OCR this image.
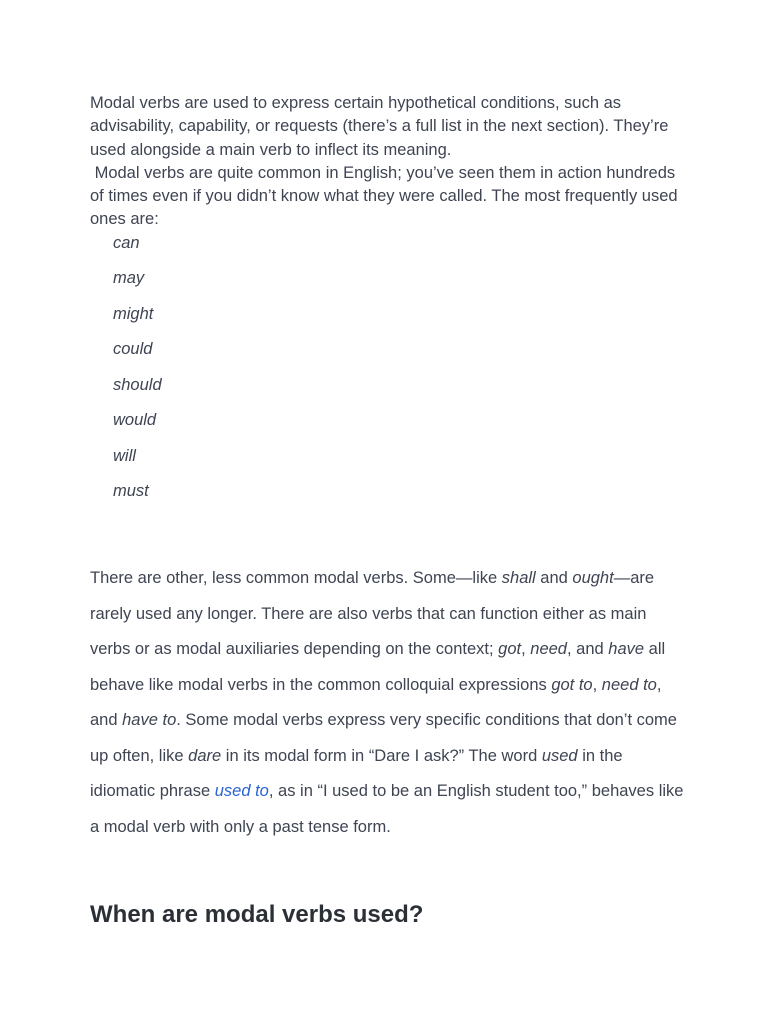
Modal verbs are used to express certain hypothetical conditions, such as advisability, capability, or requests (there’s a full list in the next section). They’re used alongside a main verb to inflect its meaning.

Modal verbs are quite common in English; you’ve seen them in action hundreds of times even if you didn’t know what they were called. The most frequently used ones are:

can
may
might
could
should
would
will
must

There are other, less common modal verbs. Some—like shall and ought—are rarely used any longer. There are also verbs that can function either as main verbs or as modal auxiliaries depending on the context; got, need, and have all behave like modal verbs in the common colloquial expressions got to, need to, and have to. Some modal verbs express very specific conditions that don’t come up often, like dare in its modal form in “Dare I ask?” The word used in the idiomatic phrase used to, as in “I used to be an English student too,” behaves like a modal verb with only a past tense form.

When are modal verbs used?
